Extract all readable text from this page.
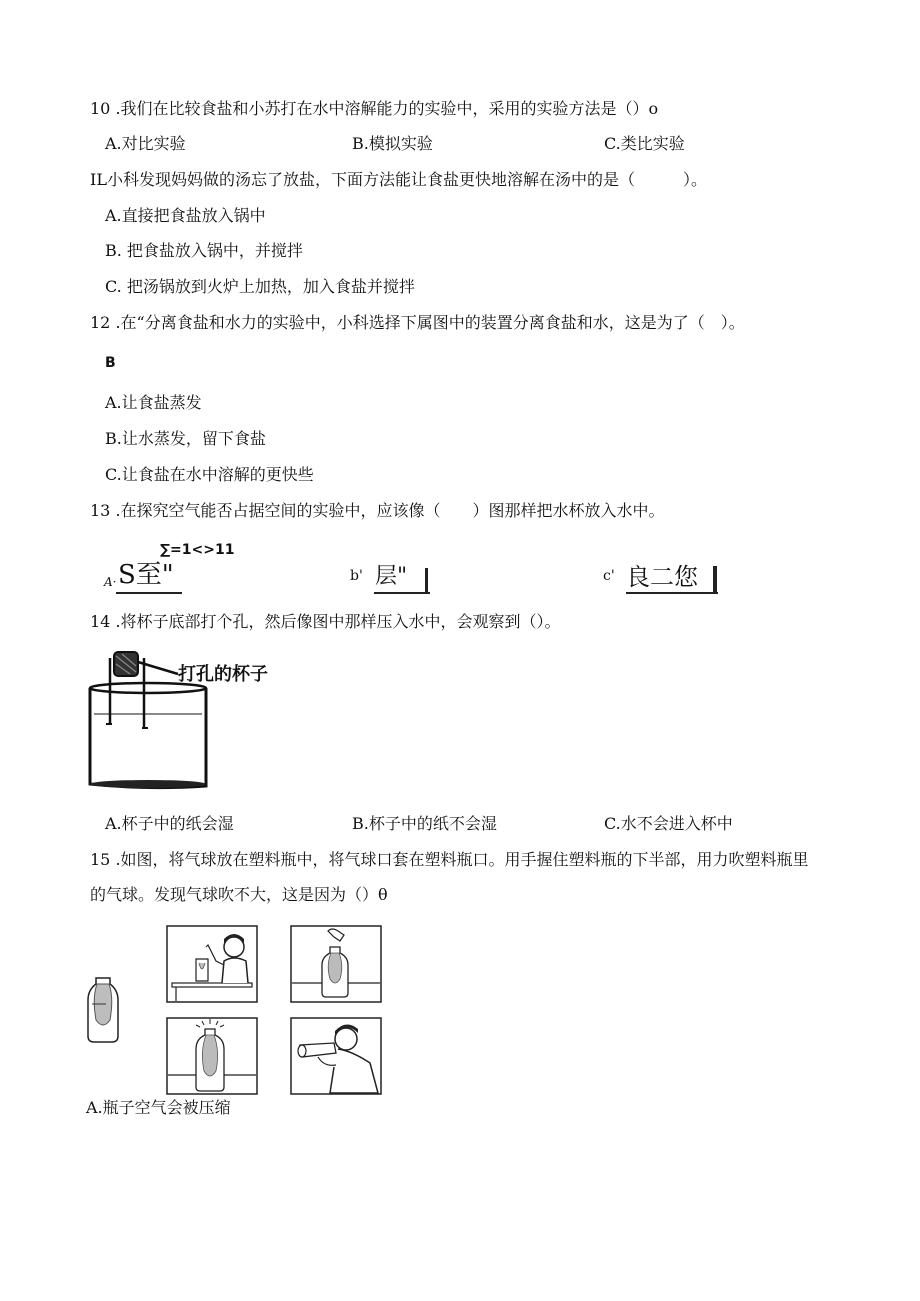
10 .我们在比较食盐和小苏打在水中溶解能力的实验中，采用的实验方法是（）o
A.对比实验	B.模拟实验	C.类比实验
IL小科发现妈妈做的汤忘了放盐，下面方法能让食盐更快地溶解在汤中的是（　　　）。
A.直接把食盐放入锅中
B. 把食盐放入锅中，并搅拌
C. 把汤锅放到火炉上加热，加入食盐并搅拌
12 .在“分离食盐和水力的实验中，小科选择下属图中的装置分离食盐和水，这是为了（　）。
B
A.让食盐蒸发
B.让水蒸发，留下食盐
C.让食盐在水中溶解的更快些
13 .在探究空气能否占据空间的实验中，应该像（　　）图那样把水杯放入水中。
∑=1<>11
A· S至"	b' 层"	c' 良二您
14 .将杯子底部打个孔，然后像图中那样压入水中，会观察到（）。
打孔的杯子
A.杯子中的纸会湿	B.杯子中的纸不会湿	C.水不会进入杯中
15 .如图，将气球放在塑料瓶中，将气球口套在塑料瓶口。用手握住塑料瓶的下半部，用力吹塑料瓶里
的气球。发现气球吹不大，这是因为（）θ
A.瓶子空气会被压缩
